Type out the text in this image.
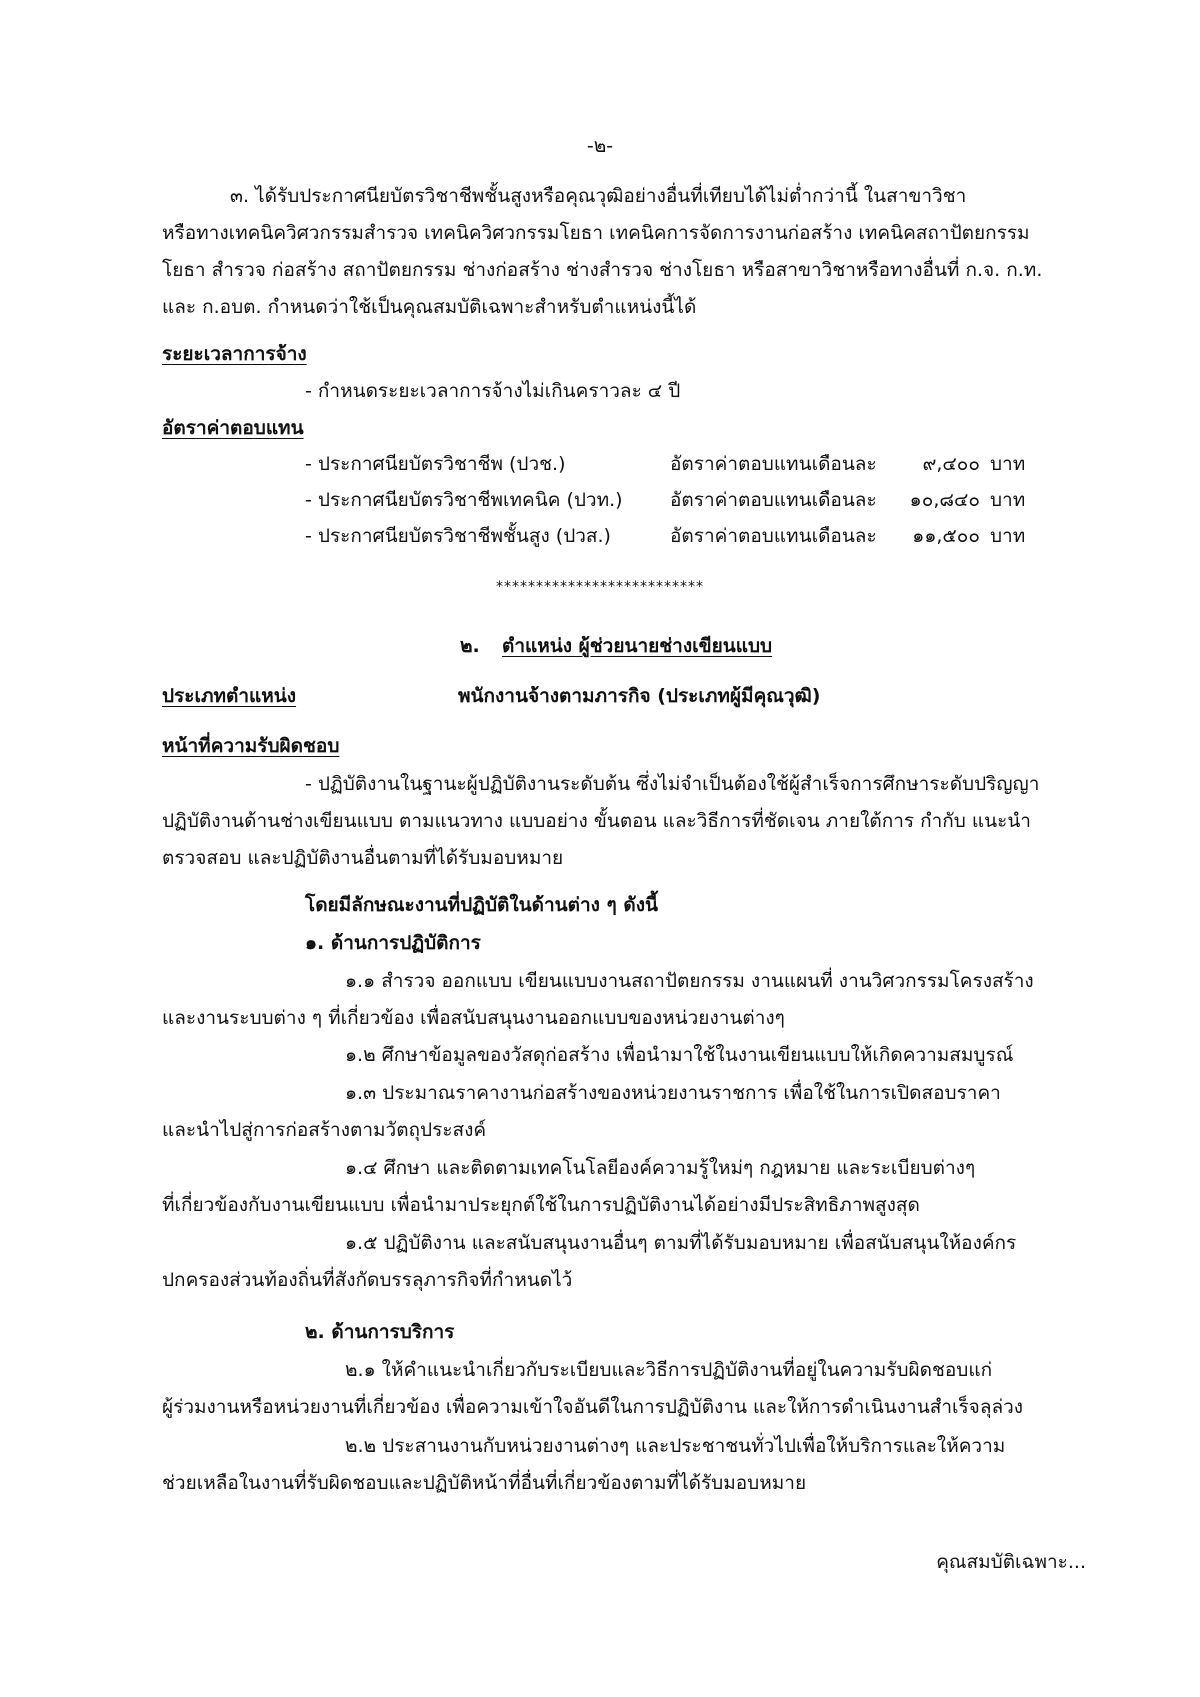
-๒-
๓. ได้รับประกาศนียบัตรวิชาชีพชั้นสูงหรือคุณวุฒิอย่างอื่นที่เทียบได้ไม่ต่ำกว่านี้ ในสาขาวิชา
หรือทางเทคนิควิศวกรรมสำรวจ เทคนิควิศวกรรมโยธา เทคนิคการจัดการงานก่อสร้าง เทคนิคสถาปัตยกรรม
โยธา สำรวจ ก่อสร้าง สถาปัตยกรรม ช่างก่อสร้าง ช่างสำรวจ ช่างโยธา หรือสาขาวิชาหรือทางอื่นที่ ก.จ. ก.ท.
และ ก.อบต. กำหนดว่าใช้เป็นคุณสมบัติเฉพาะสำหรับตำแหน่งนี้ได้
ระยะเวลาการจ้าง
- กำหนดระยะเวลาการจ้างไม่เกินคราวละ ๔ ปี
อัตราค่าตอบแทน
- ประกาศนียบัตรวิชาชีพ (ปวช.)	อัตราค่าตอบแทนเดือนละ	๙,๔๐๐ บาท
- ประกาศนียบัตรวิชาชีพเทคนิค (ปวท.) อัตราค่าตอบแทนเดือนละ	๑๐,๘๔๐ บาท
- ประกาศนียบัตรวิชาชีพชั้นสูง (ปวส.)	อัตราค่าตอบแทนเดือนละ	๑๑,๕๐๐ บาท
**************************
๒. ตำแหน่ง ผู้ช่วยนายช่างเขียนแบบ
ประเภทตำแหน่ง	พนักงานจ้างตามภารกิจ (ประเภทผู้มีคุณวุฒิ)
หน้าที่ความรับผิดชอบ
- ปฏิบัติงานในฐานะผู้ปฏิบัติงานระดับต้น ซึ่งไม่จำเป็นต้องใช้ผู้สำเร็จการศึกษาระดับปริญญา
ปฏิบัติงานด้านช่างเขียนแบบ ตามแนวทาง แบบอย่าง ขั้นตอน และวิธีการที่ชัดเจน ภายใต้การ กำกับ แนะนำ
ตรวจสอบ และปฏิบัติงานอื่นตามที่ได้รับมอบหมาย
โดยมีลักษณะงานที่ปฏิบัติในด้านต่าง ๆ ดังนี้
๑. ด้านการปฏิบัติการ
๑.๑ สำรวจ ออกแบบ เขียนแบบงานสถาปัตยกรรม งานแผนที่ งานวิศวกรรมโครงสร้าง
และงานระบบต่าง ๆ ที่เกี่ยวข้อง เพื่อสนับสนุนงานออกแบบของหน่วยงานต่างๆ
๑.๒ ศึกษาข้อมูลของวัสดุก่อสร้าง เพื่อนำมาใช้ในงานเขียนแบบให้เกิดความสมบูรณ์
๑.๓ ประมาณราคางานก่อสร้างของหน่วยงานราชการ เพื่อใช้ในการเปิดสอบราคา
และนำไปสู่การก่อสร้างตามวัตถุประสงค์
๑.๔ ศึกษา และติดตามเทคโนโลยีองค์ความรู้ใหม่ๆ กฎหมาย และระเบียบต่างๆ
ที่เกี่ยวข้องกับงานเขียนแบบ เพื่อนำมาประยุกต์ใช้ในการปฏิบัติงานได้อย่างมีประสิทธิภาพสูงสุด
๑.๕ ปฏิบัติงาน และสนับสนุนงานอื่นๆ ตามที่ได้รับมอบหมาย เพื่อสนับสนุนให้องค์กร
ปกครองส่วนท้องถิ่นที่สังกัดบรรลุภารกิจที่กำหนดไว้
๒. ด้านการบริการ
๒.๑ ให้คำแนะนำเกี่ยวกับระเบียบและวิธีการปฏิบัติงานที่อยู่ในความรับผิดชอบแก่
ผู้ร่วมงานหรือหน่วยงานที่เกี่ยวข้อง เพื่อความเข้าใจอันดีในการปฏิบัติงาน และให้การดำเนินงานสำเร็จลุล่วง
๒.๒ ประสานงานกับหน่วยงานต่างๆ และประชาชนทั่วไปเพื่อให้บริการและให้ความ
ช่วยเหลือในงานที่รับผิดชอบและปฏิบัติหน้าที่อื่นที่เกี่ยวข้องตามที่ได้รับมอบหมาย
คุณสมบัติเฉพาะ...
